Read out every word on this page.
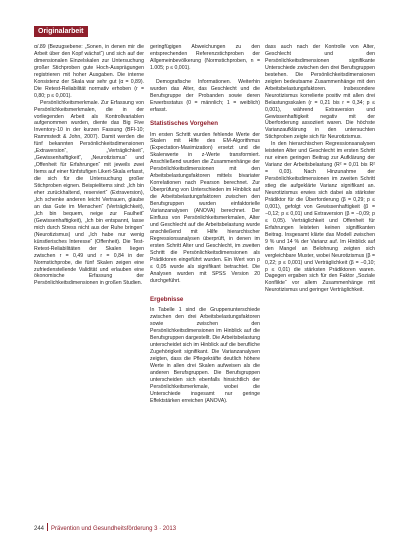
Originalarbeit

α/.89 (Bezugsebene: „Sonen, in denen mir die Arbeit über den Kopf wächst“) und sich auf der dimensionalen Einzelskalen zur Untersuchung großer Stichproben gute Hoch-Ausprägungen registrieren mit hoher Ausgaben. Die interne Konsistenz der Skala war sehr gut (α = 0,89). Die Retest-Reliabilität normativ erhoben (r = 0,80; p ≤ 0,001).

Persönlichkeitsmerkmale. Zur Erfassung von Persönlichkeitsmerkmalen, die in der vorliegenden Arbeit als Kontrollvariablen aufgenommen wurden, diente das Big Five Inventory-10 in der kurzen Fassung (BFI-10; Rammstedt & John, 2007). Damit werden die fünf bekannten Persönlichkeitsdimensionen „Extraversion“, „Verträglichkeit“, „Gewissenhaftigkeit“, „Neurotizismus“ und „Offenheit für Erfahrungen“ mit jeweils zwei Items auf einer fünfstufigen Likert-Skala erfasst, die sich für die Untersuchung großer Stichproben eignen. Beispielitems sind: „Ich bin eher zurückhaltend, reserviert“ (Extraversion), „Ich schenke anderen leicht Vertrauen, glaube an das Gute im Menschen“ (Verträglichkeit), „Ich bin bequem, neige zur Faulheit“ (Gewissenhaftigkeit), „Ich bin entspannt, lasse mich durch Stress nicht aus der Ruhe bringen“ (Neurotizismus) und „Ich habe nur wenig künstlerisches Interesse“ (Offenheit). Die Test-Retest-Reliabilitäten der Skalen liegen zwischen r = 0,49 und r = 0,84 in der Normstichprobe, die fünf Skalen zeigen eine zufriedenstellende Validität und erlauben eine ökonomische Erfassung der Persönlichkeitsdimensionen in großen Studien.

geringfügigen Abweichungen zu den entsprechenden Referenzstichproben der Allgemeinbevölkerung (Normstichproben, n = 1.005; p ≤ 0,001).

Demografische Informationen. Weiterhin wurden das Alter, das Geschlecht und die Berufsgruppe der Probanden sowie deren Erwerbsstatus (0 = männlich; 1 = weiblich) erfasst.

Statistisches Vorgehen

Im ersten Schritt wurden fehlende Werte der Skalen mit Hilfe des EM-Algorithmus (Expectation-Maximization) ersetzt und die Skalenwerte in z-Werte transformiert. Anschließend wurden die Zusammenhänge der Persönlichkeitsdimensionen mit den Arbeitsbelastungsfaktoren mittels bivariater Korrelationen nach Pearson berechnet. Zur Überprüfung von Unterschieden im Hinblick auf die Arbeitsbelastungsfaktoren zwischen den Berufsgruppen wurden einfaktorielle Varianzanalysen (ANOVA) berechnet. Der Einfluss von Persönlichkeitsmerkmalen, Alter und Geschlecht auf die Arbeitsbelastung wurde anschließend mit Hilfe hierarchischer Regressionsanalysen überprüft, in denen im ersten Schritt Alter und Geschlecht, im zweiten Schritt die Persönlichkeitsdimensionen als Prädiktoren eingeführt wurden. Ein Wert von p ≤ 0,05 wurde als signifikant betrachtet. Die Analysen wurden mit SPSS Version 20 durchgeführt.

Ergebnisse

In Tabelle 1 sind die Gruppenunterschiede zwischen den drei Arbeitsbelastungsfaktoren sowie zwischen den Persönlichkeitsdimensionen im Hinblick auf die Berufsgruppen dargestellt. Die Arbeitsbelastung unterscheidet sich im Hinblick auf die berufliche Zugehörigkeit signifikant. Die Varianzanalysen zeigten, dass die Pflegekräfte deutlich höhere Werte in allen drei Skalen aufweisen als die anderen Berufsgruppen. Die Berufsgruppen unterscheiden sich ebenfalls hinsichtlich der Persönlichkeitsmerkmale, wobei die Unterschiede insgesamt nur geringe Effektstärken erreichen (ANOVA).

dass auch nach der Kontrolle von Alter, Geschlecht und den Persönlichkeitsdimensionen signifikante Unterschiede zwischen den drei Berufsgruppen bestehen. Die Persönlichkeitsdimensionen zeigten bedeutsame Zusammenhänge mit den Arbeitsbelastungsfaktoren. Insbesondere Neurotizismus korrelierte positiv mit allen drei Belastungsskalen (r = 0,21 bis r = 0,34; p ≤ 0,001), während Extraversion und Gewissenhaftigkeit negativ mit der Überforderung assoziiert waren. Die höchste Varianzaufklärung in den untersuchten Stichproben zeigte sich für Neurotizismus.

In den hierarchischen Regressionsanalysen leisteten Alter und Geschlecht im ersten Schritt nur einen geringen Beitrag zur Aufklärung der Varianz der Arbeitsbelastung (R² = 0,01 bis R² = 0,03). Nach Hinzunahme der Persönlichkeitsdimensionen im zweiten Schritt stieg die aufgeklärte Varianz signifikant an. Neurotizismus erwies sich dabei als stärkster Prädiktor für die Überforderung (β = 0,29; p ≤ 0,001), gefolgt von Gewissenhaftigkeit (β = −0,12; p ≤ 0,01) und Extraversion (β = −0,09; p ≤ 0,05). Verträglichkeit und Offenheit für Erfahrungen leisteten keinen signifikanten Beitrag. Insgesamt klärte das Modell zwischen 9 % und 14 % der Varianz auf. Im Hinblick auf den Mangel an Belohnung zeigten sich vergleichbare Muster, wobei Neurotizismus (β = 0,22; p ≤ 0,001) und Verträglichkeit (β = −0,10; p ≤ 0,01) die stärksten Prädiktoren waren. Dagegen ergaben sich für den Faktor „Soziale Konflikte“ vor allem Zusammenhänge mit Neurotizismus und geringer Verträglichkeit.

244 Prävention und Gesundheitsförderung 3 · 2013
